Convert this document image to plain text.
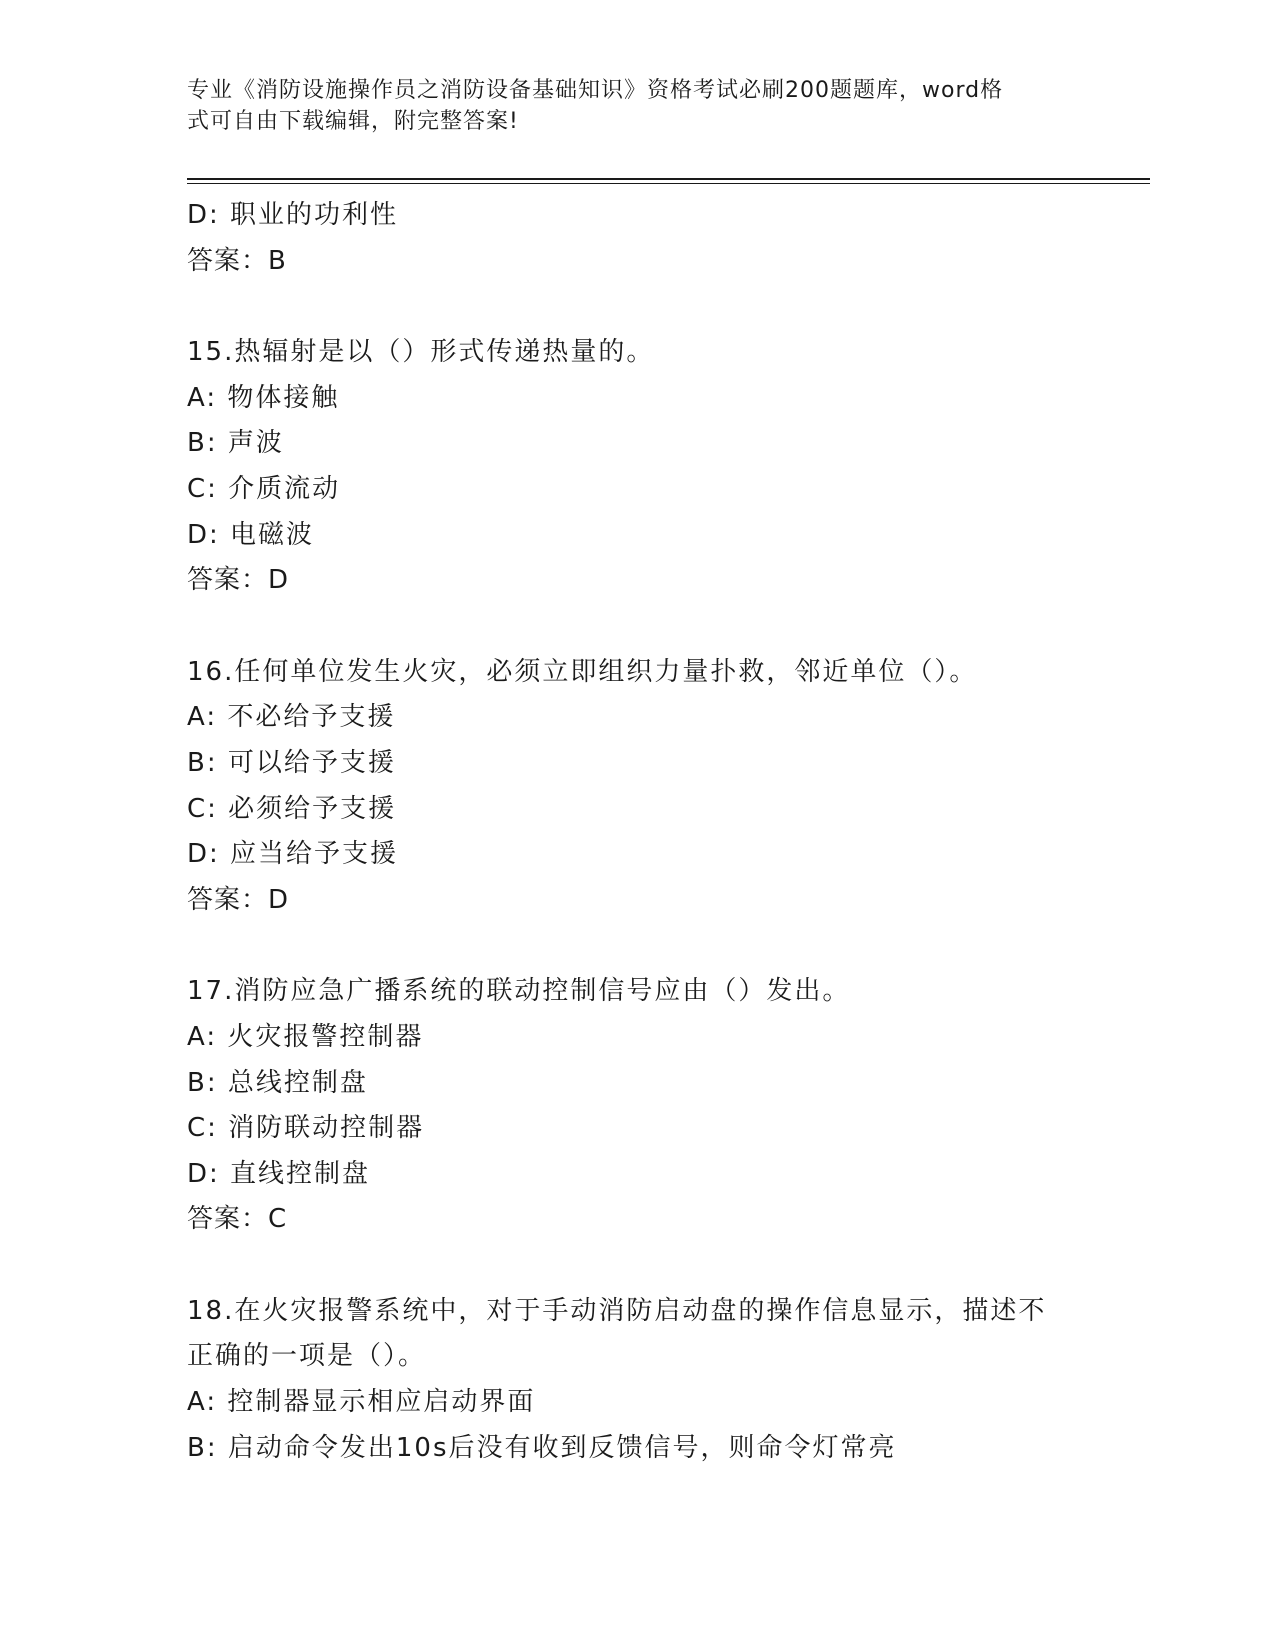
专业《消防设施操作员之消防设备基础知识》资格考试必刷200题题库，word格
式可自由下载编辑，附完整答案!
D: 职业的功利性
答案：B
15.热辐射是以（）形式传递热量的。
A: 物体接触
B: 声波
C: 介质流动
D: 电磁波
答案：D
16.任何单位发生火灾，必须立即组织力量扑救，邻近单位（）。
A: 不必给予支援
B: 可以给予支援
C: 必须给予支援
D: 应当给予支援
答案：D
17.消防应急广播系统的联动控制信号应由（）发出。
A: 火灾报警控制器
B: 总线控制盘
C: 消防联动控制器
D: 直线控制盘
答案：C
18.在火灾报警系统中，对于手动消防启动盘的操作信息显示，描述不
正确的一项是（）。
A: 控制器显示相应启动界面
B: 启动命令发出10s后没有收到反馈信号，则命令灯常亮
